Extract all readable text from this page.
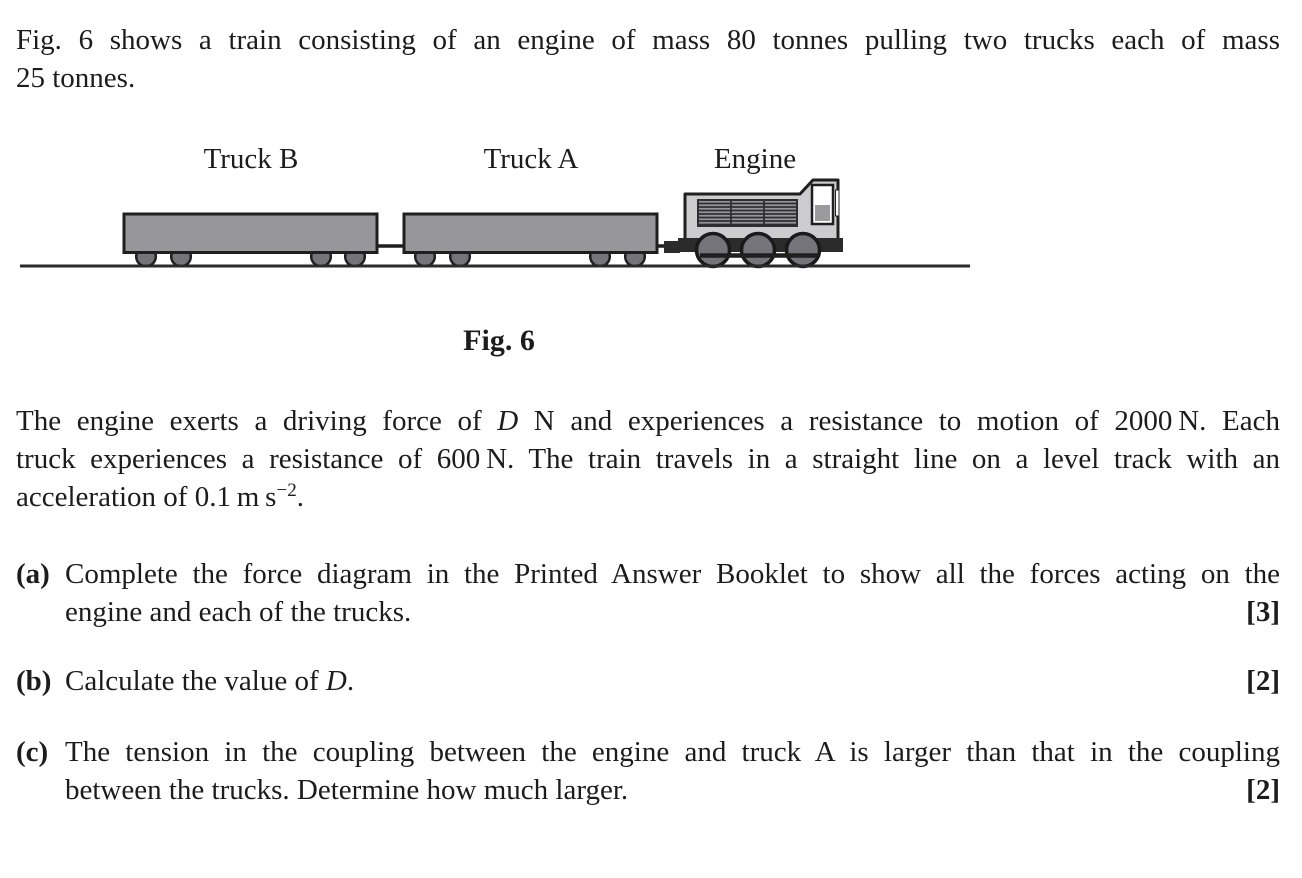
Fig. 6 shows a train consisting of an engine of mass 80 tonnes pulling two trucks each of mass
25 tonnes.
Truck B	Truck A	Engine
Fig. 6
The engine exerts a driving force of D N and experiences a resistance to motion of 2000 N. Each
truck experiences a resistance of 600 N. The train travels in a straight line on a level track with an
acceleration of 0.1 m $s^{-2}$.
(a) Complete the force diagram in the Printed Answer Booklet to show all the forces acting on the
engine and each of the trucks.	[3]
(b) Calculate the value of D.	[2]
(c) The tension in the coupling between the engine and truck A is larger than that in the coupling
between the trucks. Determine how much larger.	[2]
